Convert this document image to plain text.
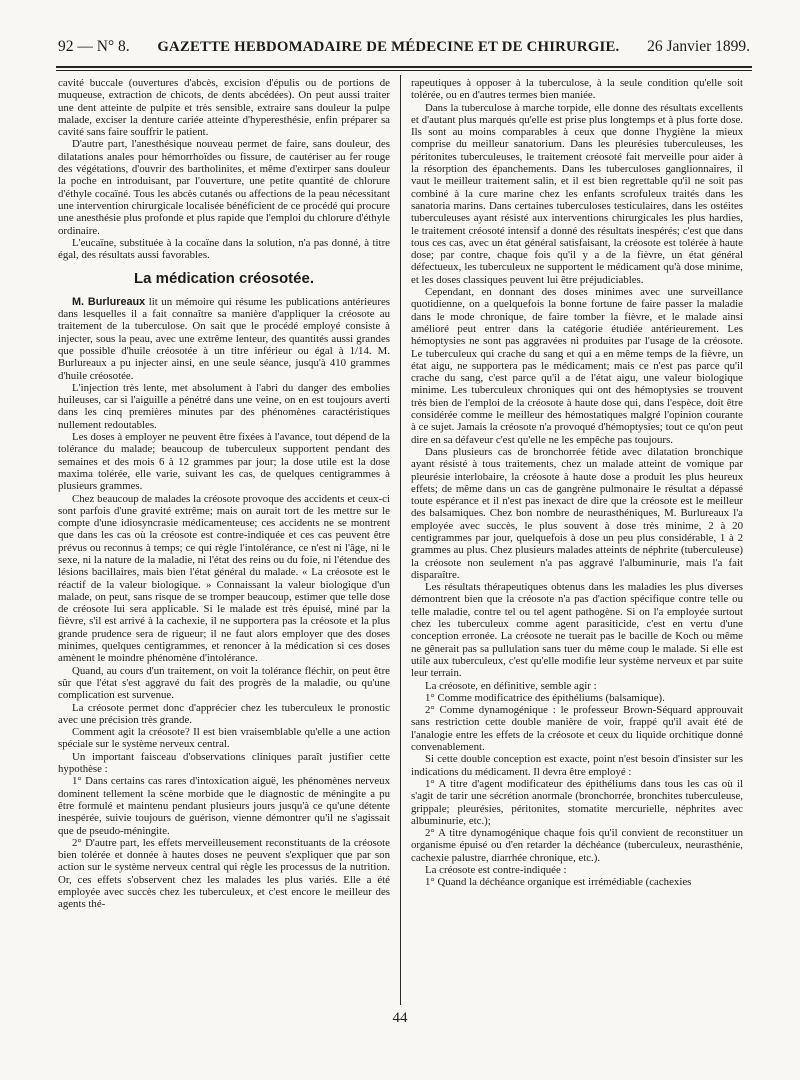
92 — N° 8. GAZETTE HEBDOMADAIRE DE MÉDECINE ET DE CHIRURGIE. 26 Janvier 1899.

cavité buccale (ouvertures d'abcès, excision d'épulis ou de portions de muqueuse, extraction de chicots, de dents abcédées). On peut aussi traiter une dent atteinte de pulpite et très sensible, extraire sans douleur la pulpe malade, exciser la denture cariée atteinte d'hyperesthésie, enfin préparer sa cavité sans faire souffrir le patient.

D'autre part, l'anesthésique nouveau permet de faire, sans douleur, des dilatations anales pour hémorrhoïdes ou fissure, de cautériser au fer rouge des végétations, d'ouvrir des bartholinites, et même d'extirper sans douleur la poche en introduisant, par l'ouverture, une petite quantité de chlorure d'éthyle cocaïné. Tous les abcès cutanés ou affections de la peau nécessitant une intervention chirurgicale localisée bénéficient de ce procédé qui procure une anesthésie plus profonde et plus rapide que l'emploi du chlorure d'éthyle ordinaire.

L'eucaïne, substituée à la cocaïne dans la solution, n'a pas donné, à titre égal, des résultats aussi favorables.

La médication créosotée.

M. Burlureaux lit un mémoire qui résume les publications antérieures dans lesquelles il a fait connaître sa manière d'appliquer la créosote au traitement de la tuberculose. On sait que le procédé employé consiste à injecter, sous la peau, avec une extrême lenteur, des quantités aussi grandes que possible d'huile créosotée à un titre inférieur ou égal à 1/14. M. Burlureaux a pu injecter ainsi, en une seule séance, jusqu'à 410 grammes d'huile créosotée.

L'injection très lente, met absolument à l'abri du danger des embolies huileuses, car si l'aiguille a pénétré dans une veine, on en est toujours averti dans les cinq premières minutes par des phénomènes caractéristiques nullement redoutables.

Les doses à employer ne peuvent être fixées à l'avance, tout dépend de la tolérance du malade; beaucoup de tuberculeux supportent pendant des semaines et des mois 6 à 12 grammes par jour; la dose utile est la dose maxima tolérée, elle varie, suivant les cas, de quelques centigrammes à plusieurs grammes.

Chez beaucoup de malades la créosote provoque des accidents et ceux-ci sont parfois d'une gravité extrême; mais on aurait tort de les mettre sur le compte d'une idiosyncrasie médicamenteuse; ces accidents ne se montrent que dans les cas où la créosote est contre-indiquée et ces cas peuvent être prévus ou reconnus à temps; ce qui règle l'intolérance, ce n'est ni l'âge, ni le sexe, ni la nature de la maladie, ni l'état des reins ou du foie, ni l'étendue des lésions bacillaires, mais bien l'état général du malade. « La créosote est le réactif de la valeur biologique. » Connaissant la valeur biologique d'un malade, on peut, sans risque de se tromper beaucoup, estimer que telle dose de créosote lui sera applicable. Si le malade est très épuisé, miné par la fièvre, s'il est arrivé à la cachexie, il ne supportera pas la créosote et la plus grande prudence sera de rigueur; il ne faut alors employer que des doses minimes, quelques centigrammes, et renoncer à la médication si ces doses amènent le moindre phénomène d'intolérance.

Quand, au cours d'un traitement, on voit la tolérance fléchir, on peut être sûr que l'état s'est aggravé du fait des progrès de la maladie, ou qu'une complication est survenue.

La créosote permet donc d'apprécier chez les tuberculeux le pronostic avec une précision très grande.

Comment agit la créosote? Il est bien vraisemblable qu'elle a une action spéciale sur le système nerveux central.

Un important faisceau d'observations cliniques paraît justifier cette hypothèse :

1° Dans certains cas rares d'intoxication aiguë, les phénomènes nerveux dominent tellement la scène morbide que le diagnostic de méningite a pu être formulé et maintenu pendant plusieurs jours jusqu'à ce qu'une détente inespérée, suivie toujours de guérison, vienne démontrer qu'il ne s'agissait que de pseudo-méningite.

2° D'autre part, les effets merveilleusement reconstituants de la créosote bien tolérée et donnée à hautes doses ne peuvent s'expliquer que par son action sur le système nerveux central qui règle les processus de la nutrition. Or, ces effets s'observent chez les malades les plus variés. Elle a été employée avec succès chez les tuberculeux, et c'est encore le meilleur des agents thé-

rapeutiques à opposer à la tuberculose, à la seule condition qu'elle soit tolérée, ou en d'autres termes bien maniée.

Dans la tuberculose à marche torpide, elle donne des résultats excellents et d'autant plus marqués qu'elle est prise plus longtemps et à plus forte dose. Ils sont au moins comparables à ceux que donne l'hygiène la mieux comprise du meilleur sanatorium. Dans les pleurésies tuberculeuses, les péritonites tuberculeuses, le traitement créosoté fait merveille pour aider à la résorption des épanchements. Dans les tuberculoses ganglionnaires, il vaut le meilleur traitement salin, et il est bien regrettable qu'il ne soit pas combiné à la cure marine chez les enfants scrofuleux traités dans les sanatoria marins. Dans certaines tuberculoses testiculaires, dans les ostéites tuberculeuses ayant résisté aux interventions chirurgicales les plus hardies, le traitement créosoté intensif a donné des résultats inespérés; c'est que dans tous ces cas, avec un état général satisfaisant, la créosote est tolérée à haute dose; par contre, chaque fois qu'il y a de la fièvre, un état général défectueux, les tuberculeux ne supportent le médicament qu'à dose minime, et les doses classiques peuvent lui être préjudiciables.

Cependant, en donnant des doses minimes avec une surveillance quotidienne, on a quelquefois la bonne fortune de faire passer la maladie dans le mode chronique, de faire tomber la fièvre, et le malade ainsi amélioré peut entrer dans la catégorie étudiée antérieurement. Les hémoptysies ne sont pas aggravées ni produites par l'usage de la créosote. Le tuberculeux qui crache du sang et qui a en même temps de la fièvre, un état aigu, ne supportera pas le médicament; mais ce n'est pas parce qu'il crache du sang, c'est parce qu'il a de l'état aigu, une valeur biologique minime. Les tuberculeux chroniques qui ont des hémoptysies se trouvent très bien de l'emploi de la créosote à haute dose qui, dans l'espèce, doit être considérée comme le meilleur des hémostatiques malgré l'opinion courante à ce sujet. Jamais la créosote n'a provoqué d'hémoptysies; tout ce qu'on peut dire en sa défaveur c'est qu'elle ne les empêche pas toujours.

Dans plusieurs cas de bronchorrée fétide avec dilatation bronchique ayant résisté à tous traitements, chez un malade atteint de vomique par pleurésie interlobaire, la créosote à haute dose a produit les plus heureux effets; de même dans un cas de gangrène pulmonaire le résultat a dépassé toute espérance et il n'est pas inexact de dire que la créosote est le meilleur des balsamiques. Chez bon nombre de neurasthéniques, M. Burlureaux l'a employée avec succès, le plus souvent à dose très minime, 2 à 20 centigrammes par jour, quelquefois à dose un peu plus considérable, 1 à 2 grammes au plus. Chez plusieurs malades atteints de néphrite (tuberculeuse) la créosote non seulement n'a pas aggravé l'albuminurie, mais l'a fait disparaître.

Les résultats thérapeutiques obtenus dans les maladies les plus diverses démontrent bien que la créosote n'a pas d'action spécifique contre telle ou telle maladie, contre tel ou tel agent pathogène. Si on l'a employée surtout chez les tuberculeux comme agent parasiticide, c'est en vertu d'une conception erronée. La créosote ne tuerait pas le bacille de Koch ou même ne gênerait pas sa pullulation sans tuer du même coup le malade. Si elle est utile aux tuberculeux, c'est qu'elle modifie leur système nerveux et par suite leur terrain.

La créosote, en définitive, semble agir :

1° Comme modificatrice des épithéliums (balsamique).

2° Comme dynamogénique : le professeur Brown-Séquard approuvait sans restriction cette double manière de voir, frappé qu'il avait été de l'analogie entre les effets de la créosote et ceux du liquide orchitique donné convenablement.

Si cette double conception est exacte, point n'est besoin d'insister sur les indications du médicament. Il devra être employé :

1° A titre d'agent modificateur des épithéliums dans tous les cas où il s'agit de tarir une sécrétion anormale (bronchorrée, bronchites tuberculeuse, grippale; pleurésies, péritonites, stomatite mercurielle, néphrites avec albuminurie, etc.);

2° A titre dynamogénique chaque fois qu'il convient de reconstituer un organisme épuisé ou d'en retarder la déchéance (tuberculeux, neurasthénie, cachexie palustre, diarrhée chronique, etc.).

La créosote est contre-indiquée :

1° Quand la déchéance organique est irrémédiable (cachexies

44
